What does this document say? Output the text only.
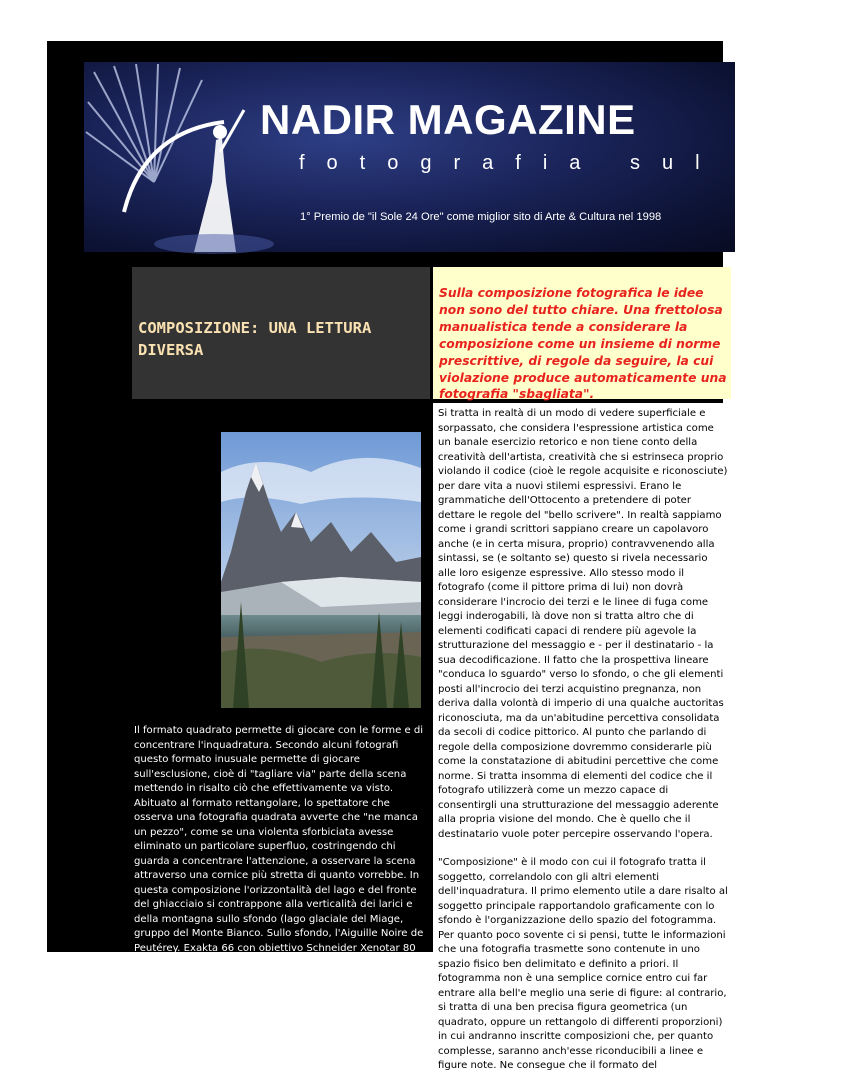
NADIR MAGAZINE
fotografia sul web
1° Premio de "il Sole 24 Ore" come miglior sito di Arte & Cultura nel 1998
COMPOSIZIONE: UNA LETTURA DIVERSA

Sulla composizione fotografica le idee non sono del tutto chiare. Una frettolosa manualistica tende a considerare la composizione come un insieme di norme prescrittive, di regole da seguire, la cui violazione produce automaticamente una fotografia "sbagliata".

Il formato quadrato permette di giocare con le forme e di concentrare l'inquadratura. Secondo alcuni fotografi questo formato inusuale permette di giocare sull'esclusione, cioè di "tagliare via" parte della scena mettendo in risalto ciò che effettivamente va visto. Abituato al formato rettangolare, lo spettatore che osserva una fotografia quadrata avverte che "ne manca un pezzo", come se una violenta sforbiciata avesse eliminato un particolare superfluo, costringendo chi guarda a concentrare l'attenzione, a osservare la scena attraverso una cornice più stretta di quanto vorrebbe. In questa composizione l'orizzontalità del lago e del fronte del ghiacciaio si contrappone alla verticalità dei larici e della montagna sullo sfondo (lago glaciale del Miage, gruppo del Monte Bianco. Sullo sfondo, l'Aiguille Noire de Peutérey. Exakta 66 con obiettivo Schneider Xenotar 80 mm f/2,8. Pellicola Fuji Provia 100).

Si tratta in realtà di un modo di vedere superficiale e sorpassato, che considera l'espressione artistica come un banale esercizio retorico e non tiene conto della creatività dell'artista, creatività che si estrinseca proprio violando il codice (cioè le regole acquisite e riconosciute) per dare vita a nuovi stilemi espressivi. Erano le grammatiche dell'Ottocento a pretendere di poter dettare le regole del "bello scrivere". In realtà sappiamo come i grandi scrittori sappiano creare un capolavoro anche (e in certa misura, proprio) contravvenendo alla sintassi, se (e soltanto se) questo si rivela necessario alle loro esigenze espressive. Allo stesso modo il fotografo (come il pittore prima di lui) non dovrà considerare l'incrocio dei terzi e le linee di fuga come leggi inderogabili, là dove non si tratta altro che di elementi codificati capaci di rendere più agevole la strutturazione del messaggio e - per il destinatario - la sua decodificazione. Il fatto che la prospettiva lineare "conduca lo sguardo" verso lo sfondo, o che gli elementi posti all'incrocio dei terzi acquistino pregnanza, non deriva dalla volontà di imperio di una qualche auctoritas riconosciuta, ma da un'abitudine percettiva consolidata da secoli di codice pittorico. Al punto che parlando di regole della composizione dovremmo considerarle più come la constatazione di abitudini percettive che come norme. Si tratta insomma di elementi del codice che il fotografo utilizzerà come un mezzo capace di consentirgli una strutturazione del messaggio aderente alla propria visione del mondo. Che è quello che il destinatario vuole poter percepire osservando l'opera.

"Composizione" è il modo con cui il fotografo tratta il soggetto, correlandolo con gli altri elementi dell'inquadratura. Il primo elemento utile a dare risalto al soggetto principale rapportandolo graficamente con lo sfondo è l'organizzazione dello spazio del fotogramma. Per quanto poco sovente ci si pensi, tutte le informazioni che una fotografia trasmette sono contenute in uno spazio fisico ben delimitato e definito a priori. Il fotogramma non è una semplice cornice entro cui far entrare alla bell'e meglio una serie di figure: al contrario, si tratta di una ben precisa figura geometrica (un quadrato, oppure un rettangolo di differenti proporzioni) in cui andranno inscritte composizioni che, per quanto complesse, saranno anch'esse riconducibili a linee e figure note. Ne consegue che il formato del
